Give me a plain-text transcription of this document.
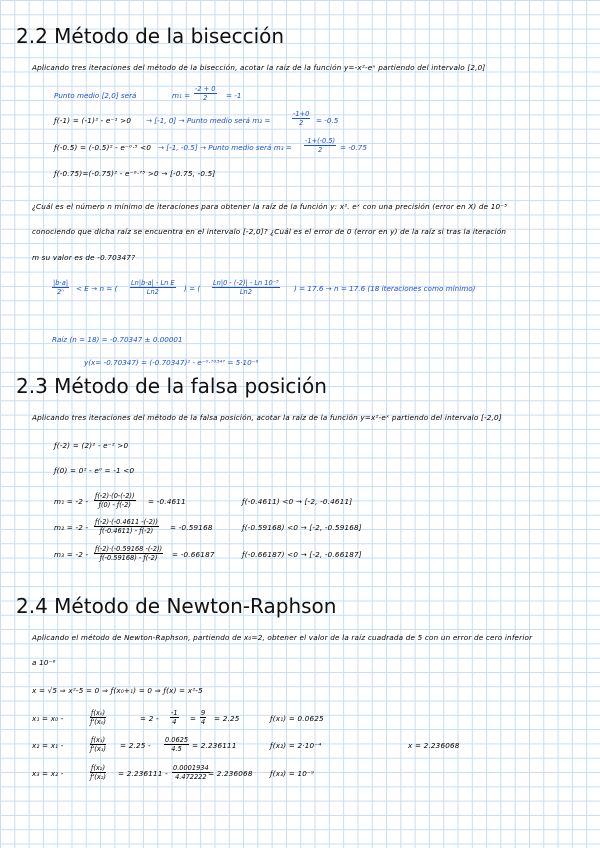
2.2 Método de la bisección
Aplicando tres iteraciones del método de la bisección, acotar la raiz de la función y=-x²-eˣ partiendo del intervalo [2,0]
Punto medio [2,0] será	m₁ =
-2 + 0
2	= -1
ƒ(-1) = (-1)² - e⁻¹ >0 → [-1, 0] → Punto medio será m₂ =
-1+0
2	= -0.5
ƒ(-0.5) = (-0.5)² - e⁻⁰·⁵ <0 → [-1, -0.5] → Punto medio será m₃ =
-1+(-0.5)
2	= -0.75
ƒ(-0.75)=(-0.75)² - e⁻⁰·⁷⁵ >0 → [-0.75, -0.5]
¿Cuál es el número n mínimo de iteraciones para obtener la raíz de la función y: x². eˣ con una precisión (error en X) de 10⁻⁵
conociendo que dicha raíz se encuentra en el intervalo [-2,0]? ¿Cuál es el error de 0 (error en y) de la raíz si tras la iteración
m su valor es de -0.70347?
|b-a|
2ⁿ	< E → n = (
Ln|b-a| - Ln E
Ln2	) = (
Ln|0 - (-2)| - Ln 10⁻⁵
Ln2	) = 17.6 → n = 17.6 (18 iteraciones como mínimo)
Raíz (n = 18) = -0.70347 ± 0.00001
y(x= -0.70347) = (-0.70347)² - e⁻⁰·⁷⁰³⁴⁷ = 5·10⁻⁶
2.3 Método de la falsa posición
Aplicando tres iteraciones del método de la falsa posición, acotar la raíz de la función y=x²-eˣ partiendo del intervalo [-2,0]
ƒ(-2) = (2)² - e⁻² >0
ƒ(0) = 0² - e⁰ = -1 <0
m₁ = -2 -
ƒ(-2)·(0-(-2))
ƒ(0) - ƒ(-2)	= -0.4611	ƒ(-0.4611) <0 → [-2, -0.4611]
m₂ = -2 -
ƒ(-2)·(-0.4611 -(-2))
ƒ(-0.4611) - ƒ(-2)	= -0.59168	ƒ(-0.59168) <0 → [-2, -0.59168]
m₃ = -2 -
ƒ(-2)·(-0.59168 -(-2))
ƒ(-0.59168) - ƒ(-2)	= -0.66187	ƒ(-0.66187) <0 → [-2, -0.66187]
2.4 Método de Newton-Raphson
Aplicando el método de Newton-Raphson, partiendo de x₀=2, obtener el valor de la raíz cuadrada de 5 con un error de cero inferior
a 10⁻⁶
x = √5 ⇒ x²-5 = 0 ⇒ ƒ(x₀+₁) = 0 ⇒ ƒ(x) = x²-5
x₁ = x₀ -
ƒ(x₀)
ƒ'(x₀)	= 2 -
-1
4	=
9
4 = 2.25	ƒ(x₁) = 0.0625
x₂ = x₁ -
ƒ(x₁)
ƒ'(x₁) = 2.25 -
0.0625
4.5	= 2.236111	ƒ(x₂) = 2·10⁻⁴	x = 2.236068
x₃ = x₂ -
ƒ(x₂)
ƒ'(x₂) = 2.236111 -
0.0001934
4.472222 = 2.236068 ƒ(x₃) = 10⁻⁹
